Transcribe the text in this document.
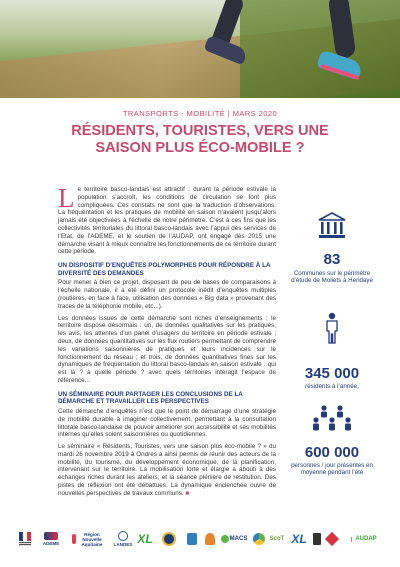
TRANSPORTS - MOBILITÉ | MARS 2020
RÉSIDENTS, TOURISTES, VERS UNE SAISON PLUS ÉCO-MOBILE ?

Le territoire basco-landais est attractif : durant la période estivale la population s’accroît, les conditions de circulation se font plus compliquées. Ces constats ne sont que la traduction d’observations. La fréquentation et les pratiques de mobilité en saison n’avaient jusqu’alors jamais été objectivées à l’échelle de notre périmètre. C’est à ces fins que les collectivités territoriales du littoral basco-landais avec l’appui des services de l’Etat, de l’ADEME, et le soutien de l’AUDAP, ont engagé dès 2015 une démarche visant à mieux connaître les fonctionnements de ce territoire durant cette période.

UN DISPOSITIF D’ENQUÊTES POLYMORPHES POUR RÉPONDRE À LA DIVERSITÉ DES DEMANDES

Pour mener à bien ce projet, disposant de peu de bases de comparaisons à l’échelle nationale, il a été défini un protocole inédit d’enquêtes multiples (routières, en face à face, utilisation des données « Big data » provenant des traces de la téléphonie mobile, etc...).

Les données issues de cette démarche sont riches d’enseignements ; le territoire dispose désormais : un, de données qualitatives sur les pratiques, les avis, les attentes d’un panel d’usagers du territoire en période estivale ; deux, de données quantitatives sur les flux routiers permettant de comprendre les variations saisonnières de pratiques et leurs incidences sur le fonctionnement du réseau ; et trois, de données quantitatives fines sur les dynamiques de fréquentation du littoral basco-landais en saison estivale : qui est là ? à quelle période ? avec quels territoires interagit l’espace de référence...

UN SÉMINAIRE POUR PARTAGER LES CONCLUSIONS DE LA DÉMARCHE ET TRAVAILLER LES PERSPECTIVES

Cette démarche d’enquêtes n’est que le point de démarrage d’une stratégie de mobilité durable à imaginer collectivement, permettant à la consultation littorale basco-landaise de pouvoir améliorer son accessibilité et ses mobilités internes qu’elles soient saisonnières ou quotidiennes.

Le séminaire « Résidents, Touristes, vers une saison plus éco-mobile ? » du mardi 26 novembre 2019 à Ondres a ainsi permis de réunir des acteurs de la mobilité, du tourisme, du développement économique, de la planification, intervenant sur le territoire. La mobilisation forte et élargie a abouti à des échanges riches durant les ateliers, et la séance plénière de restitution. Des pistes de réflexion ont été débattues. La dynamique enclenchée ouvre de nouvelles perspectives de travaux communs. ■

83
Communes sur le périmètre d’étude de Moliets à Hendaye
345 000
résidents à l’année,
600 000
personnes / jour présentes en moyenne pendant l’été
ADEME
Région Nouvelle Aquitaine	LANDES XL	MACS	ScoT XL	AUDAP
